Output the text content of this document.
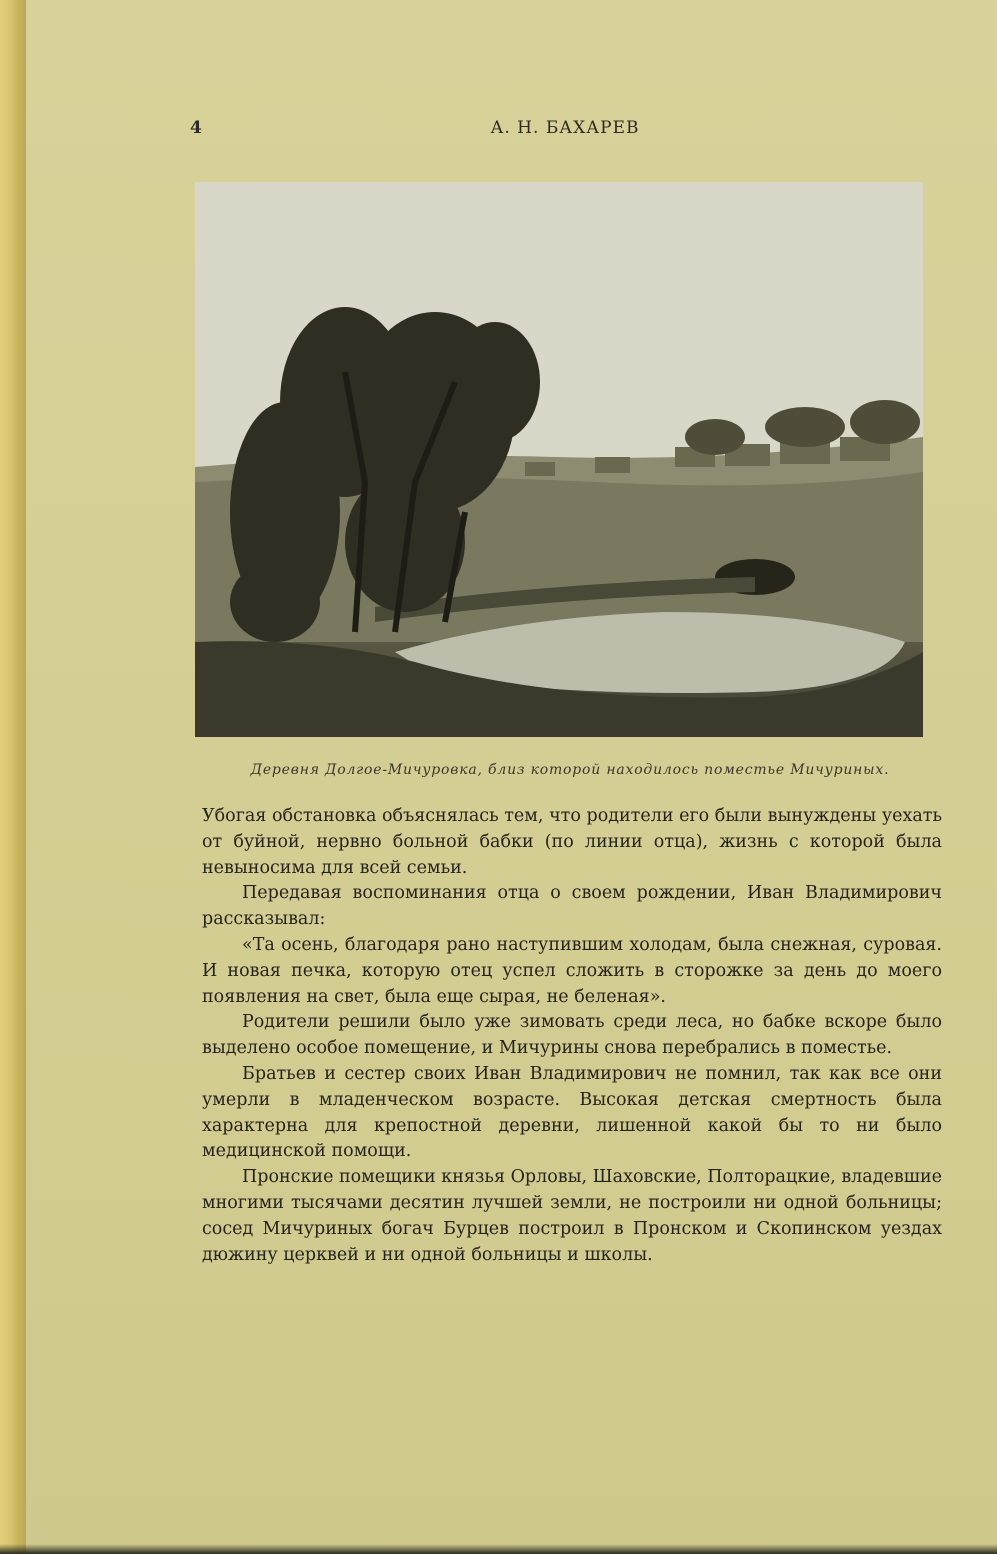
4	А. Н. БАХАРЕВ
Деревня Долгое-Мичуровка, близ которой находилось поместье Мичуриных.

Убогая обстановка объяснялась тем, что родители его были вынуждены уехать от буйной, нервно больной бабки (по линии отца), жизнь с которой была невыносима для всей семьи.

Передавая воспоминания отца о своем рождении, Иван Владимирович рассказывал:

«Та осень, благодаря рано наступившим холодам, была снежная, суровая. И новая печка, которую отец успел сложить в сторожке за день до моего появления на свет, была еще сырая, не беленая».

Родители решили было уже зимовать среди леса, но бабке вскоре было выделено особое помещение, и Мичурины снова перебрались в поместье.

Братьев и сестер своих Иван Владимирович не помнил, так как все они умерли в младенческом возрасте. Высокая детская смертность была характерна для крепостной деревни, лишенной какой бы то ни было медицинской помощи.

Пронские помещики князья Орловы, Шаховские, Полторацкие, владевшие многими тысячами десятин лучшей земли, не построили ни одной больницы; сосед Мичуриных богач Бурцев построил в Пронском и Скопинском уездах дюжину церквей и ни одной больницы и школы.
